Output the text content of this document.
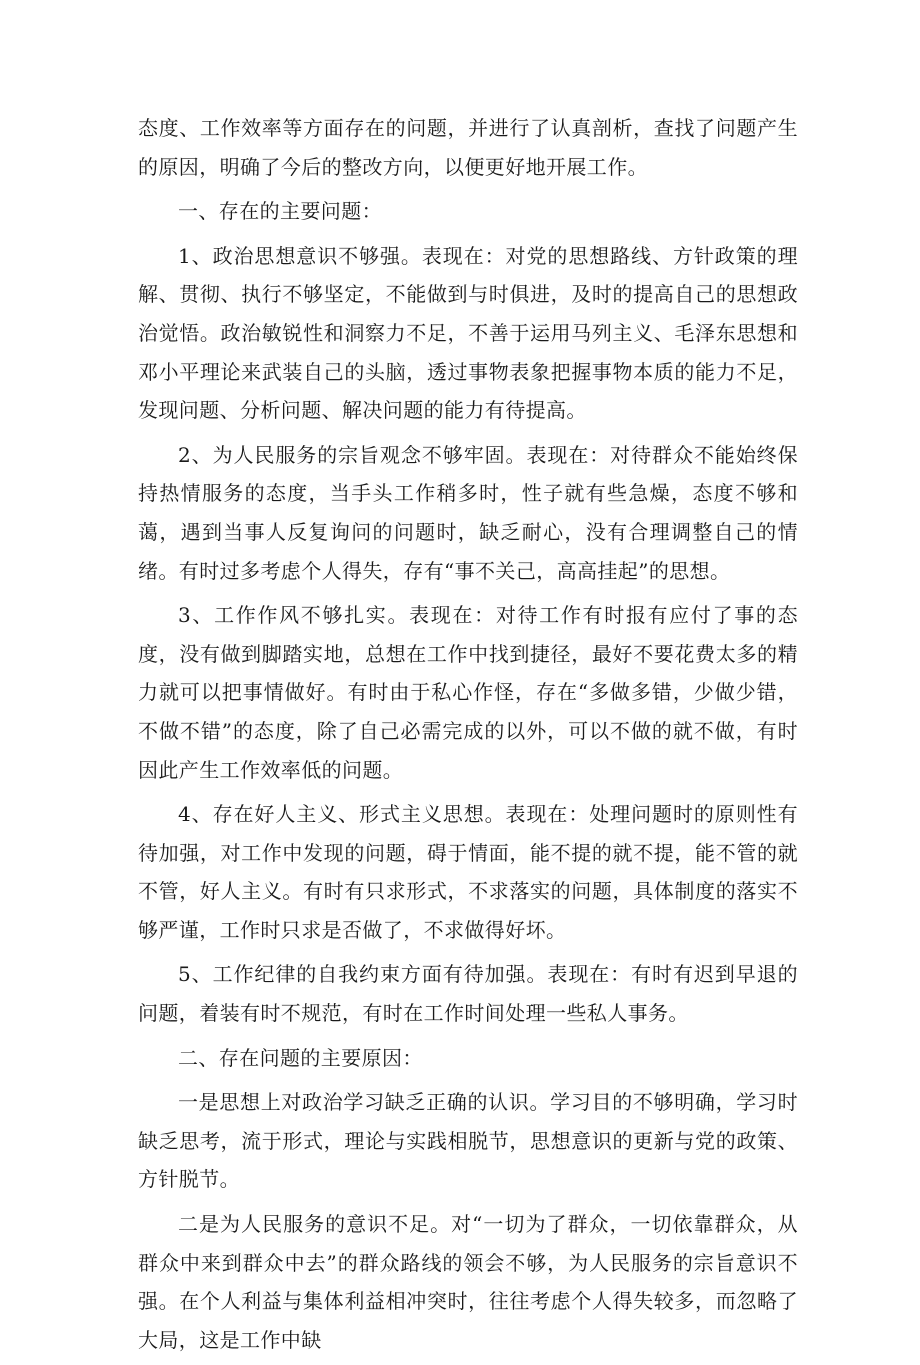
态度、工作效率等方面存在的问题，并进行了认真剖析，查找了问题产生的原因，明确了今后的整改方向，以便更好地开展工作。

一、存在的主要问题：

1、政治思想意识不够强。表现在：对党的思想路线、方针政策的理解、贯彻、执行不够坚定，不能做到与时俱进，及时的提高自己的思想政治觉悟。政治敏锐性和洞察力不足，不善于运用马列主义、毛泽东思想和邓小平理论来武装自己的头脑，透过事物表象把握事物本质的能力不足，发现问题、分析问题、解决问题的能力有待提高。

2、为人民服务的宗旨观念不够牢固。表现在：对待群众不能始终保持热情服务的态度，当手头工作稍多时，性子就有些急燥，态度不够和蔼，遇到当事人反复询问的问题时，缺乏耐心，没有合理调整自己的情绪。有时过多考虑个人得失，存有“事不关己，高高挂起”的思想。

3、工作作风不够扎实。表现在：对待工作有时报有应付了事的态度，没有做到脚踏实地，总想在工作中找到捷径，最好不要花费太多的精力就可以把事情做好。有时由于私心作怪，存在“多做多错，少做少错，不做不错”的态度，除了自己必需完成的以外，可以不做的就不做，有时因此产生工作效率低的问题。

4、存在好人主义、形式主义思想。表现在：处理问题时的原则性有待加强，对工作中发现的问题，碍于情面，能不提的就不提，能不管的就不管，好人主义。有时有只求形式，不求落实的问题，具体制度的落实不够严谨，工作时只求是否做了，不求做得好坏。

5、工作纪律的自我约束方面有待加强。表现在：有时有迟到早退的问题，着装有时不规范，有时在工作时间处理一些私人事务。

二、存在问题的主要原因：

一是思想上对政治学习缺乏正确的认识。学习目的不够明确，学习时缺乏思考，流于形式，理论与实践相脱节，思想意识的更新与党的政策、方针脱节。

二是为人民服务的意识不足。对“一切为了群众，一切依靠群众，从群众中来到群众中去”的群众路线的领会不够，为人民服务的宗旨意识不强。在个人利益与集体利益相冲突时，往往考虑个人得失较多，而忽略了大局，这是工作中缺
